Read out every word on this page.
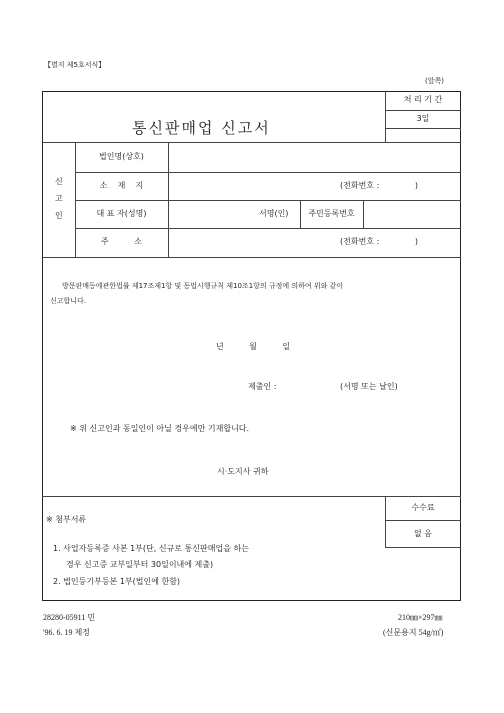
【별지 제5호서식】
(앞쪽)
통신판매업 신고서
처 리 기 간
3일
신
고
인
법인명(상호)
소    재    지	(전화번호 :              )
대 표 자(성명)	서명(인)	주민등록번호
주          소	(전화번호 :              )
방문판매등에관한법률 제17조제1항 및 동법시행규칙 제10조1항의 규정에 의하여 위와 같이
신고합니다.
년          월          일
제출인 :	(서명 또는 날인)
※ 위 신고인과 동일인이 아닐 경우에만 기재합니다.
시·도지사 귀하
※ 첨부서류
1. 사업자등록증 사본 1부(단, 신규로 통신판매업을 하는
경우 신고증 교부일부터 30일이내에 제출)
2. 법인등기부등본 1부(법인에 한함)
수수료
없 음
28280-05911 민
'96. 6. 19 제정
210㎜×297㎜
(신문용지 54g/㎡)
